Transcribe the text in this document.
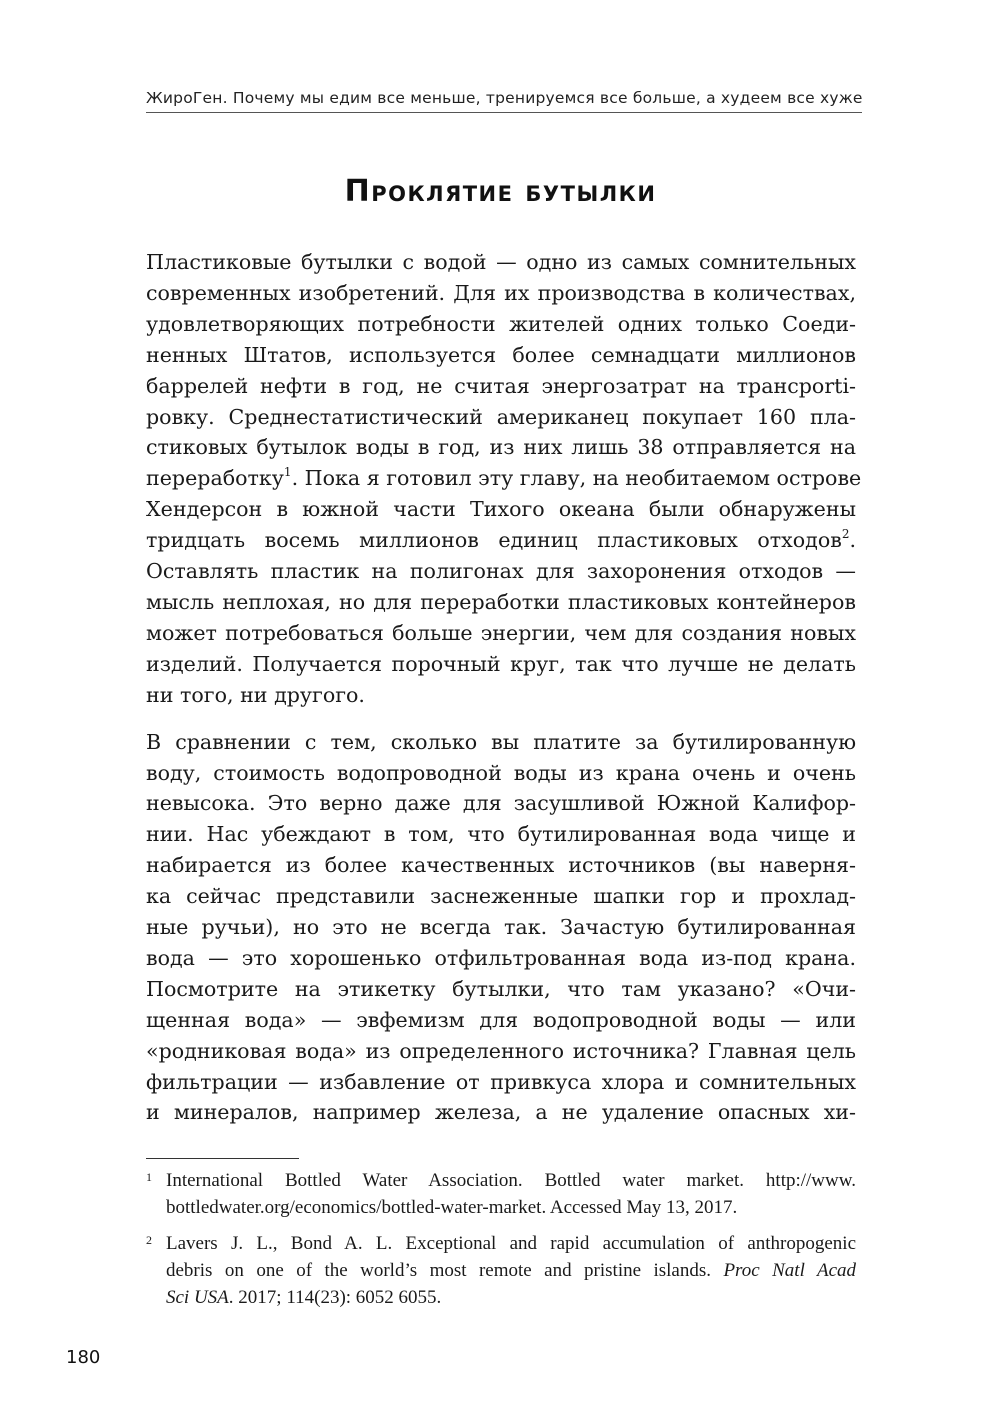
ЖироГен. Почему мы едим все меньше, тренируемся все больше, а худеем все хуже
Проклятие бутылки

Пластиковые бутылки с водой — одно из самых сомнительных
современных изобретений. Для их производства в количествах,
удовлетворяющих потребности жителей одних только Соеди-
ненных Штатов, используется более семнадцати миллионов
баррелей нефти в год, не считая энергозатрат на трансporti-
ровку. Среднестатистический американец покупает 160 пла-
стиковых бутылок воды в год, из них лишь 38 отправляется на
переработку$^1$. Пока я готовил эту главу, на необитаемом острове
Хендерсон в южной части Тихого океана были обнаружены
тридцать восемь миллионов единиц пластиковых отходов$^2$.
Оставлять пластик на полигонах для захоронения отходов —
мысль неплохая, но для переработки пластиковых контейнеров
может потребоваться больше энергии, чем для создания новых
изделий. Получается порочный круг, так что лучше не делать
ни того, ни другого.

В сравнении с тем, сколько вы платите за бутилированную
воду, стоимость водопроводной воды из крана очень и очень
невысока. Это верно даже для засушливой Южной Калифор-
нии. Нас убеждают в том, что бутилированная вода чище и
набирается из более качественных источников (вы наверня-
ка сейчас представили заснеженные шапки гор и прохлад-
ные ручьи), но это не всегда так. Зачастую бутилированная
вода — это хорошенько отфильтрованная вода из-под крана.
Посмотрите на этикетку бутылки, что там указано? «Очи-
щенная вода» — эвфемизм для водопроводной воды — или
«родниковая вода» из определенного источника? Главная цель
фильтрации — избавление от привкуса хлора и сомнительных
и минералов, например железа, а не удаление опасных хи-

1 International Bottled Water Association. Bottled water market. http://www.
bottledwater.org/economics/bottled-water-market. Accessed May 13, 2017.
2 Lavers J. L., Bond A. L. Exceptional and rapid accumulation of anthropogenic
debris on one of the world’s most remote and pristine islands. Proc Natl Acad
Sci USA. 2017; 114(23): 6052 6055.
180
